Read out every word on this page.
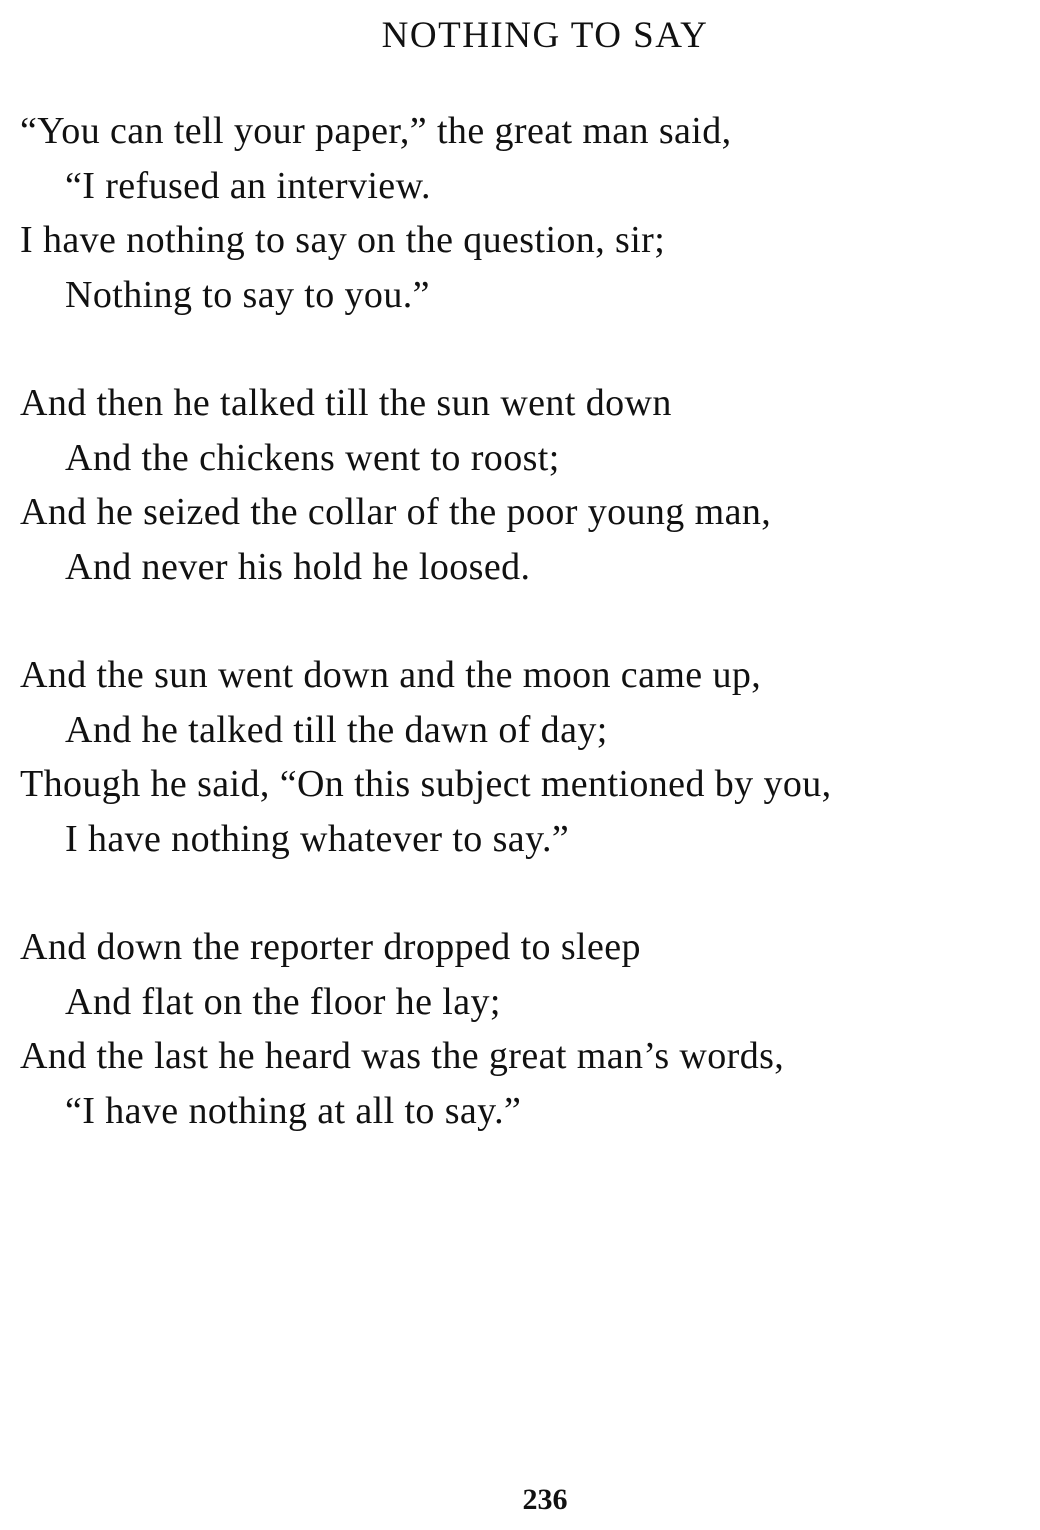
NOTHING TO SAY
“You can tell your paper,” the great man said,
“I refused an interview.
I have nothing to say on the question, sir;
Nothing to say to you.”
And then he talked till the sun went down
And the chickens went to roost;
And he seized the collar of the poor young man,
And never his hold he loosed.
And the sun went down and the moon came up,
And he talked till the dawn of day;
Though he said, “On this subject mentioned by you,
I have nothing whatever to say.”
And down the reporter dropped to sleep
And flat on the floor he lay;
And the last he heard was the great man’s words,
“I have nothing at all to say.”
236
